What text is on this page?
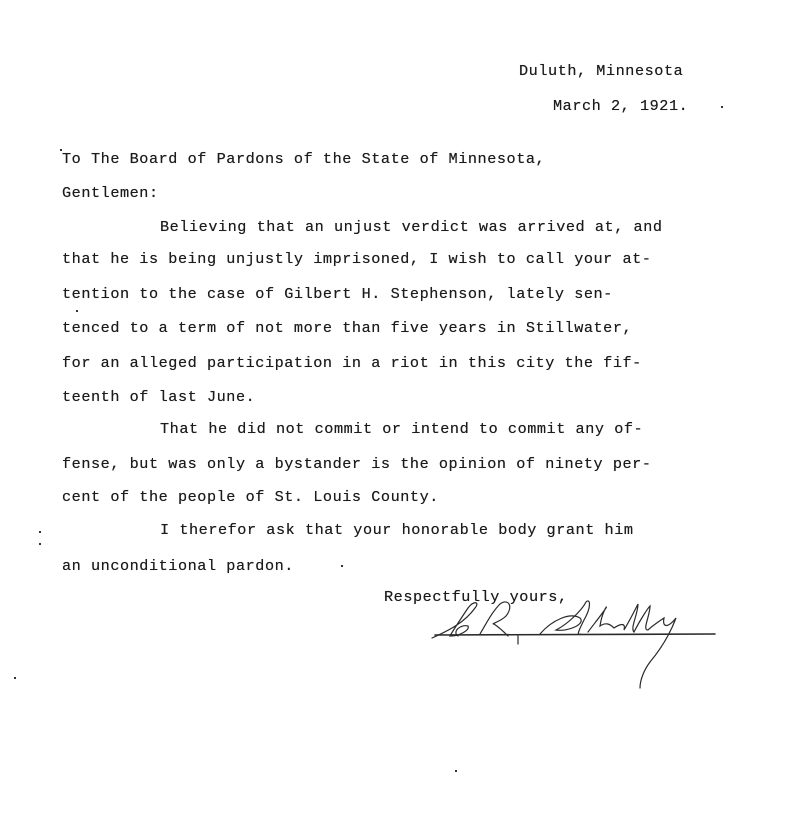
Duluth, Minnesota
March 2, 1921.
To The Board of Pardons of the State of Minnesota,
Gentlemen:
Believing that an unjust verdict was arrived at, and
that he is being unjustly imprisoned, I wish to call your at-
tention to the case of Gilbert H. Stephenson, lately sen-
tenced to a term of not more than five years in Stillwater,
for an alleged participation in a riot in this city the fif-
teenth of last June.
That he did not commit or intend to commit any of-
fense, but was only a bystander is the opinion of ninety per-
cent of the people of St. Louis County.
I therefor ask that your honorable body grant him
an unconditional pardon.
Respectfully yours,
